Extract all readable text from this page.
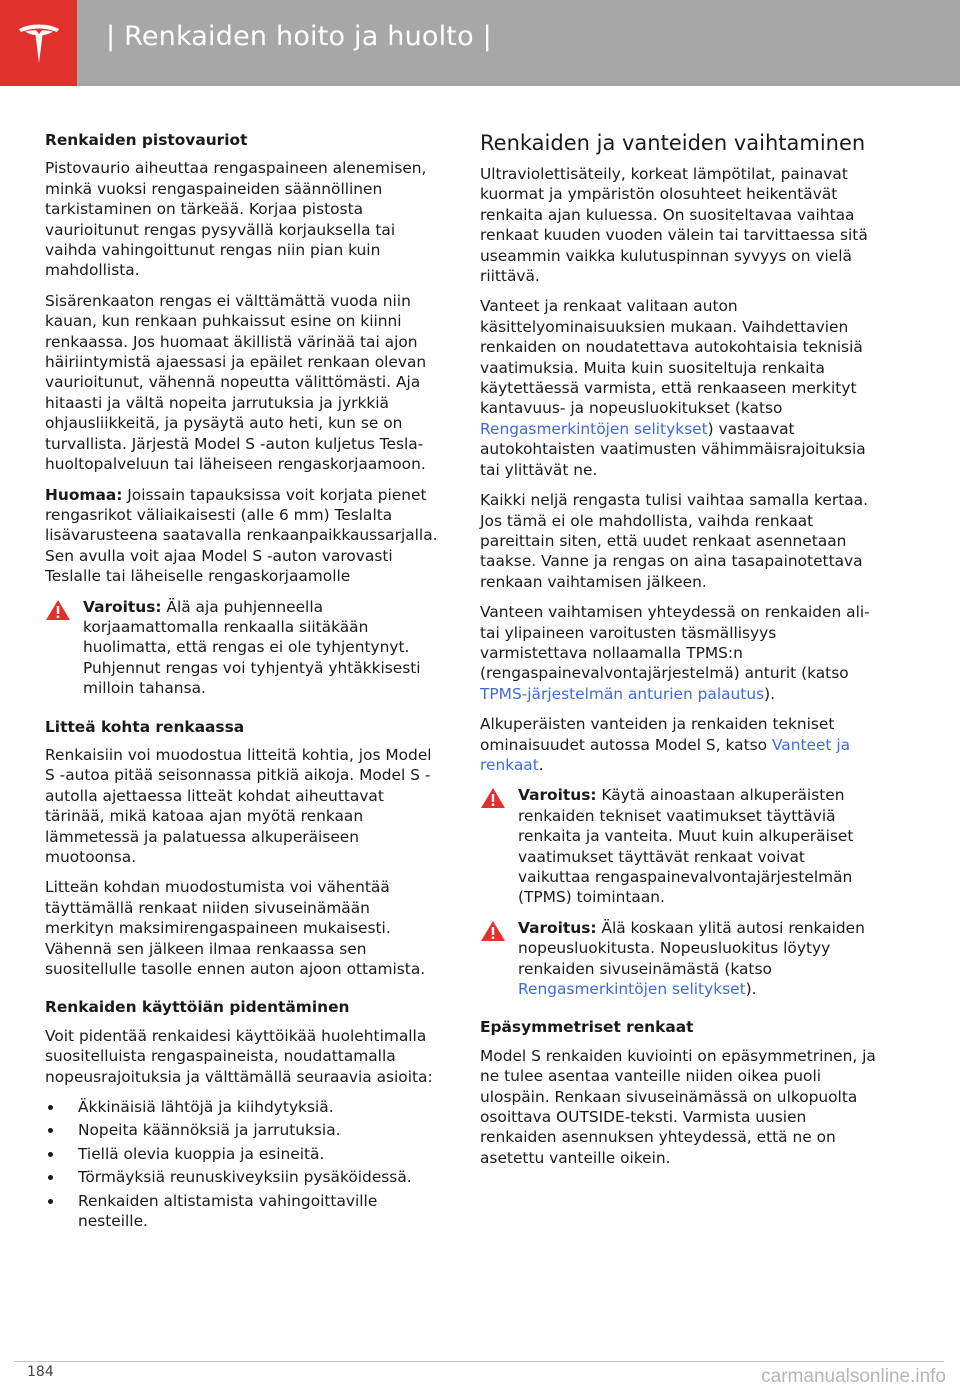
| Renkaiden hoito ja huolto |
Renkaiden pistovauriot

Pistovaurio aiheuttaa rengaspaineen alenemisen, minkä vuoksi rengaspaineiden säännöllinen tarkistaminen on tärkeää. Korjaa pistosta vaurioitunut rengas pysyvällä korjauksella tai vaihda vahingoittunut rengas niin pian kuin mahdollista.

Sisärenkaaton rengas ei välttämättä vuoda niin kauan, kun renkaan puhkaissut esine on kiinni renkaassa. Jos huomaat äkillistä värinää tai ajon häiriintymistä ajaessasi ja epäilet renkaan olevan vaurioitunut, vähennä nopeutta välittömästi. Aja hitaasti ja vältä nopeita jarrutuksia ja jyrkkiä ohjausliikkeitä, ja pysäytä auto heti, kun se on turvallista. Järjestä Model S -auton kuljetus Tesla-huoltopalveluun tai läheiseen rengaskorjaamoon.

Huomaa: Joissain tapauksissa voit korjata pienet rengasrikot väliaikaisesti (alle 6 mm) Teslalta lisävarusteena saatavalla renkaanpaikkaussarjalla. Sen avulla voit ajaa Model S -auton varovasti Teslalle tai läheiselle rengaskorjaamolle

Varoitus: Älä aja puhjenneella korjaamattomalla renkaalla siitäkään huolimatta, että rengas ei ole tyhjentynyt. Puhjennut rengas voi tyhjentyä yhtäkkisesti milloin tahansa.

Litteä kohta renkaassa

Renkaisiin voi muodostua litteitä kohtia, jos Model S -autoa pitää seisonnassa pitkiä aikoja. Model S -autolla ajettaessa litteät kohdat aiheuttavat tärinää, mikä katoaa ajan myötä renkaan lämmetessä ja palatuessa alkuperäiseen muotoonsa.

Litteän kohdan muodostumista voi vähentää täyttämällä renkaat niiden sivuseinämään merkityn maksimirengaspaineen mukaisesti. Vähennä sen jälkeen ilmaa renkaassa sen suositellulle tasolle ennen auton ajoon ottamista.

Renkaiden käyttöiän pidentäminen

Voit pidentää renkaidesi käyttöikää huolehtimalla suositelluista rengaspaineista, noudattamalla nopeusrajoituksia ja välttämällä seuraavia asioita:

Äkkinäisiä lähtöjä ja kiihdytyksiä.
Nopeita käännöksiä ja jarrutuksia.
Tiellä olevia kuoppia ja esineitä.
Törmäyksiä reunuskiveyksiin pysäköidessä.
Renkaiden altistamista vahingoittaville nesteille.
Renkaiden ja vanteiden vaihtaminen

Ultraviolettisäteily, korkeat lämpötilat, painavat kuormat ja ympäristön olosuhteet heikentävät renkaita ajan kuluessa. On suositeltavaa vaihtaa renkaat kuuden vuoden välein tai tarvittaessa sitä useammin vaikka kulutuspinnan syvyys on vielä riittävä.

Vanteet ja renkaat valitaan auton käsittelyominaisuuksien mukaan. Vaihdettavien renkaiden on noudatettava autokohtaisia teknisiä vaatimuksia. Muita kuin suositeltuja renkaita käytettäessä varmista, että renkaaseen merkityt kantavuus- ja nopeusluokitukset (katso Rengasmerkintöjen selitykset) vastaavat autokohtaisten vaatimusten vähimmäisrajoituksia tai ylittävät ne.

Kaikki neljä rengasta tulisi vaihtaa samalla kertaa. Jos tämä ei ole mahdollista, vaihda renkaat pareittain siten, että uudet renkaat asennetaan taakse. Vanne ja rengas on aina tasapainotettava renkaan vaihtamisen jälkeen.

Vanteen vaihtamisen yhteydessä on renkaiden ali- tai ylipaineen varoitusten täsmällisyys varmistettava nollaamalla TPMS:n (rengaspainevalvontajärjestelmä) anturit (katso TPMS-järjestelmän anturien palautus).

Alkuperäisten vanteiden ja renkaiden tekniset ominaisuudet autossa Model S, katso Vanteet ja renkaat.

Varoitus: Käytä ainoastaan alkuperäisten renkaiden tekniset vaatimukset täyttäviä renkaita ja vanteita. Muut kuin alkuperäiset vaatimukset täyttävät renkaat voivat vaikuttaa rengaspainevalvontajärjestelmän (TPMS) toimintaan.

Varoitus: Älä koskaan ylitä autosi renkaiden nopeusluokitusta. Nopeusluokitus löytyy renkaiden sivuseinämästä (katso Rengasmerkintöjen selitykset).

Epäsymmetriset renkaat

Model S renkaiden kuviointi on epäsymmetrinen, ja ne tulee asentaa vanteille niiden oikea puoli ulospäin. Renkaan sivuseinämässä on ulkopuolta osoittava OUTSIDE-teksti. Varmista uusien renkaiden asennuksen yhteydessä, että ne on asetettu vanteille oikein.

184	carmanualsonline.info
